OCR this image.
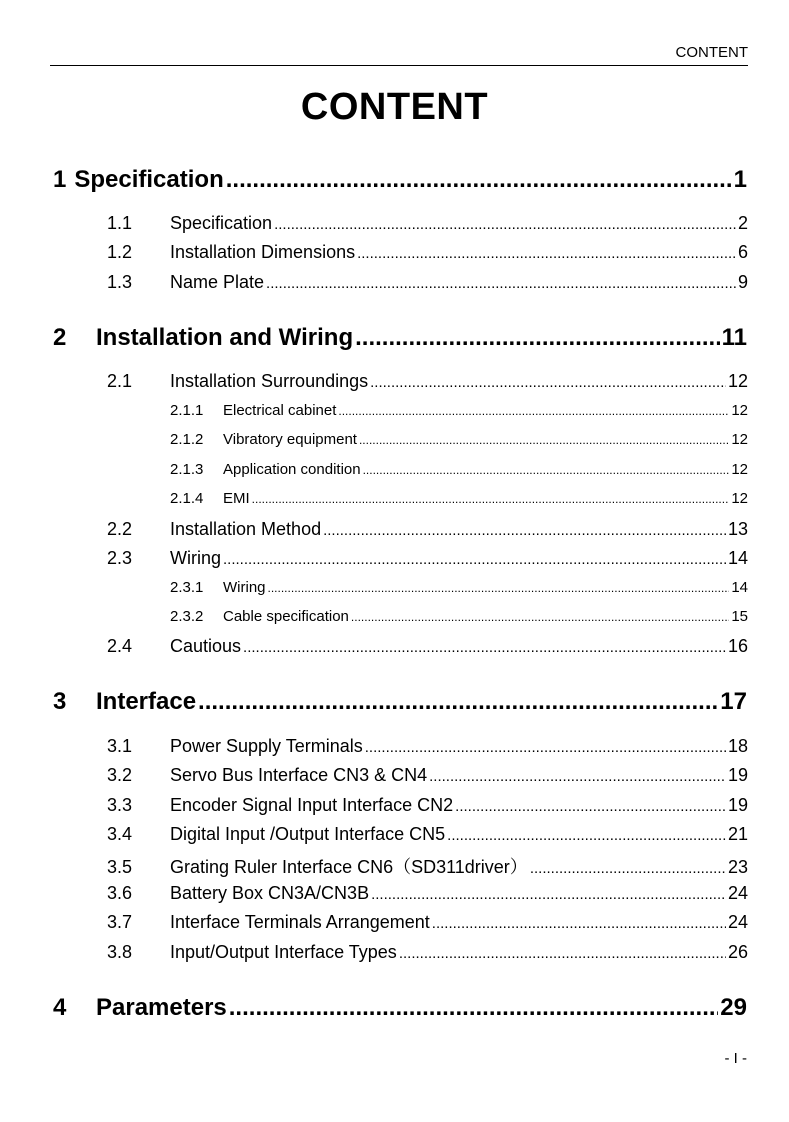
CONTENT
CONTENT
1 Specification .....	1
1.1	Specification .....	2
1.2	Installation Dimensions .....	6
1.3	Name Plate .....	9
2	Installation and Wiring .....	11
2.1	Installation Surroundings .....	12
2.1.1	Electrical cabinet .....	12
2.1.2	Vibratory equipment .....	12
2.1.3	Application condition .....	12
2.1.4	EMI .....	12
2.2	Installation Method .....	13
2.3	Wiring .....	14
2.3.1	Wiring .....	14
2.3.2	Cable specification .....	15
2.4	Cautious .....	16
3	Interface .....	17
3.1	Power Supply Terminals .....	18
3.2	Servo Bus Interface CN3 & CN4 .....	19
3.3	Encoder Signal Input Interface CN2 .....	19
3.4	Digital Input /Output Interface CN5 .....	21
3.5	Grating Ruler Interface CN6（SD311driver） .....	23
3.6	Battery Box CN3A/CN3B .....	24
3.7	Interface Terminals Arrangement .....	24
3.8	Input/Output Interface Types .....	26
4	Parameters .....	29
- I -
